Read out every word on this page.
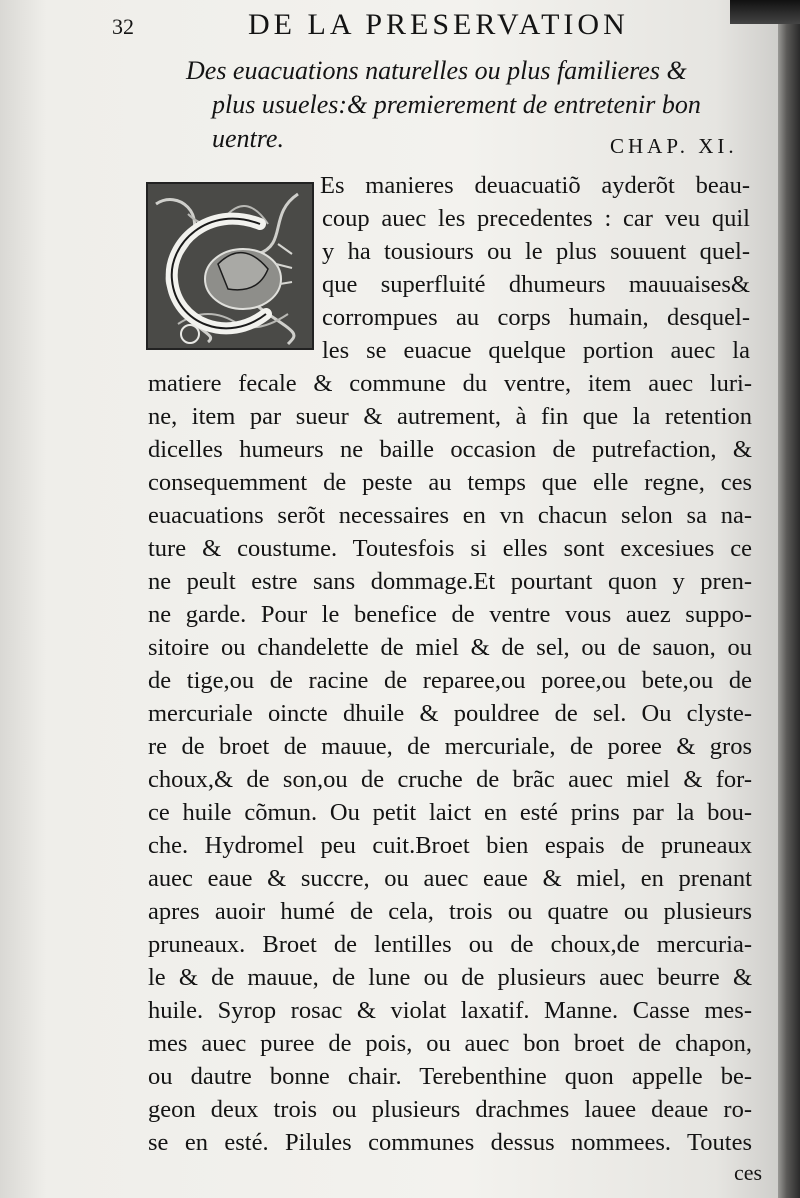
32	DE LA PRESERVATION
Des euacuations naturelles ou plus familieres &
plus usueles:& premierement de entretenir bon
uentre.	CHAP. XI.
Es manieres deuacuatiõ ayderõt beau-
coup auec les precedentes : car veu quil
y ha tousiours ou le plus souuent quel-
que superfluité dhumeurs mauuaises&
corrompues au corps humain, desquel-
les se euacue quelque portion auec la
matiere fecale & commune du ventre, item auec luri-
ne, item par sueur & autrement, à fin que la retention
dicelles humeurs ne baille occasion de putrefaction, &
consequemment de peste au temps que elle regne, ces
euacuations serõt necessaires en vn chacun selon sa na-
ture & coustume. Toutesfois si elles sont excesiues ce
ne peult estre sans dommage.Et pourtant quon y pren-
ne garde. Pour le benefice de ventre vous auez suppo-
sitoire ou chandelette de miel & de sel, ou de sauon, ou
de tige,ou de racine de reparee,ou poree,ou bete,ou de
mercuriale oincte dhuile & pouldree de sel. Ou clyste-
re de broet de mauue, de mercuriale, de poree & gros
choux,& de son,ou de cruche de brãc auec miel & for-
ce huile cõmun. Ou petit laict en esté prins par la bou-
che. Hydromel peu cuit.Broet bien espais de pruneaux
auec eaue & succre, ou auec eaue & miel, en prenant
apres auoir humé de cela, trois ou quatre ou plusieurs
pruneaux. Broet de lentilles ou de choux,de mercuria-
le & de mauue, de lune ou de plusieurs auec beurre &
huile. Syrop rosac & violat laxatif. Manne. Casse mes-
mes auec puree de pois, ou auec bon broet de chapon,
ou dautre bonne chair. Terebenthine quon appelle be-
geon deux trois ou plusieurs drachmes lauee deaue ro-
se en esté. Pilules communes dessus nommees. Toutes
ces
